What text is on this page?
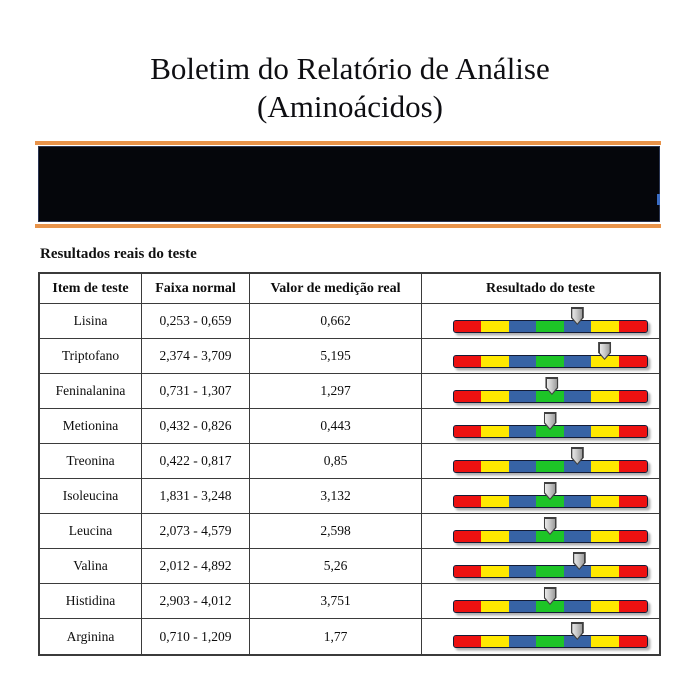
Boletim do Relatório de Análise
(Aminoácidos)
Resultados reais do teste
Item de teste	Faixa normal	Valor de medição real	Resultado do teste
Lisina	0,253 - 0,659	0,662
Triptofano	2,374 - 3,709	5,195
Feninalanina	0,731 - 1,307	1,297
Metionina	0,432 - 0,826	0,443
Treonina	0,422 - 0,817	0,85
Isoleucina	1,831 - 3,248	3,132
Leucina	2,073 - 4,579	2,598
Valina	2,012 - 4,892	5,26
Histidina	2,903 - 4,012	3,751
Arginina	0,710 - 1,209	1,77
